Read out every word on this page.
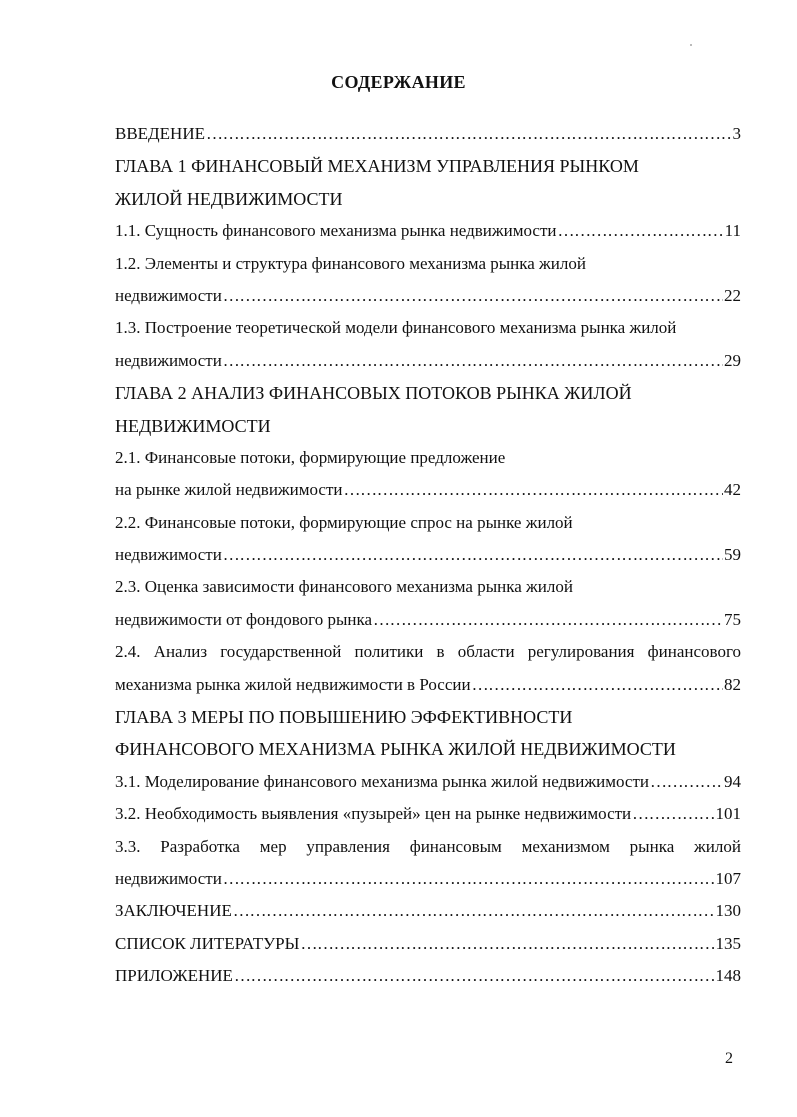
СОДЕРЖАНИЕ
ВВЕДЕНИЕ ……………………………………………………………………………………………………………………………………………………………	3
ГЛАВА 1 ФИНАНСОВЫЙ МЕХАНИЗМ УПРАВЛЕНИЯ РЫНКОМ
ЖИЛОЙ НЕДВИЖИМОСТИ
1.1. Сущность финансового механизма рынка недвижимости ……………………………………………………………………………………………………………………………………………………………	11
1.2. Элементы и структура финансового механизма рынка жилой
недвижимости ……………………………………………………………………………………………………………………………………………………………	22
1.3. Построение теоретической модели финансового механизма рынка жилой
недвижимости ……………………………………………………………………………………………………………………………………………………………	29
ГЛАВА 2 АНАЛИЗ ФИНАНСОВЫХ ПОТОКОВ РЫНКА ЖИЛОЙ
НЕДВИЖИМОСТИ
2.1. Финансовые потоки, формирующие предложение
на рынке жилой недвижимости ……………………………………………………………………………………………………………………………………………………………	42
2.2. Финансовые потоки, формирующие спрос на рынке жилой
недвижимости ……………………………………………………………………………………………………………………………………………………………	59
2.3. Оценка зависимости финансового механизма рынка жилой
недвижимости от фондового рынка ……………………………………………………………………………………………………………………………………………………………	75
2.4. Анализ государственной политики в области регулирования финансового
механизма рынка жилой недвижимости в России ……………………………………………………………………………………………………………………………………………………………	82
ГЛАВА 3 МЕРЫ ПО ПОВЫШЕНИЮ ЭФФЕКТИВНОСТИ
ФИНАНСОВОГО МЕХАНИЗМА РЫНКА ЖИЛОЙ НЕДВИЖИМОСТИ
3.1. Моделирование финансового механизма рынка жилой недвижимости ……………………………………………………………………………………………………………………………………………………………	94
3.2. Необходимость выявления «пузырей» цен на рынке недвижимости ……………………………………………………………………………………………………………………………………………………………	101
3.3. Разработка мер управления финансовым механизмом рынка жилой
недвижимости ……………………………………………………………………………………………………………………………………………………………	107
ЗАКЛЮЧЕНИЕ ……………………………………………………………………………………………………………………………………………………………	130
СПИСОК ЛИТЕРАТУРЫ ……………………………………………………………………………………………………………………………………………………………	135
ПРИЛОЖЕНИЕ ……………………………………………………………………………………………………………………………………………………………	148
2
